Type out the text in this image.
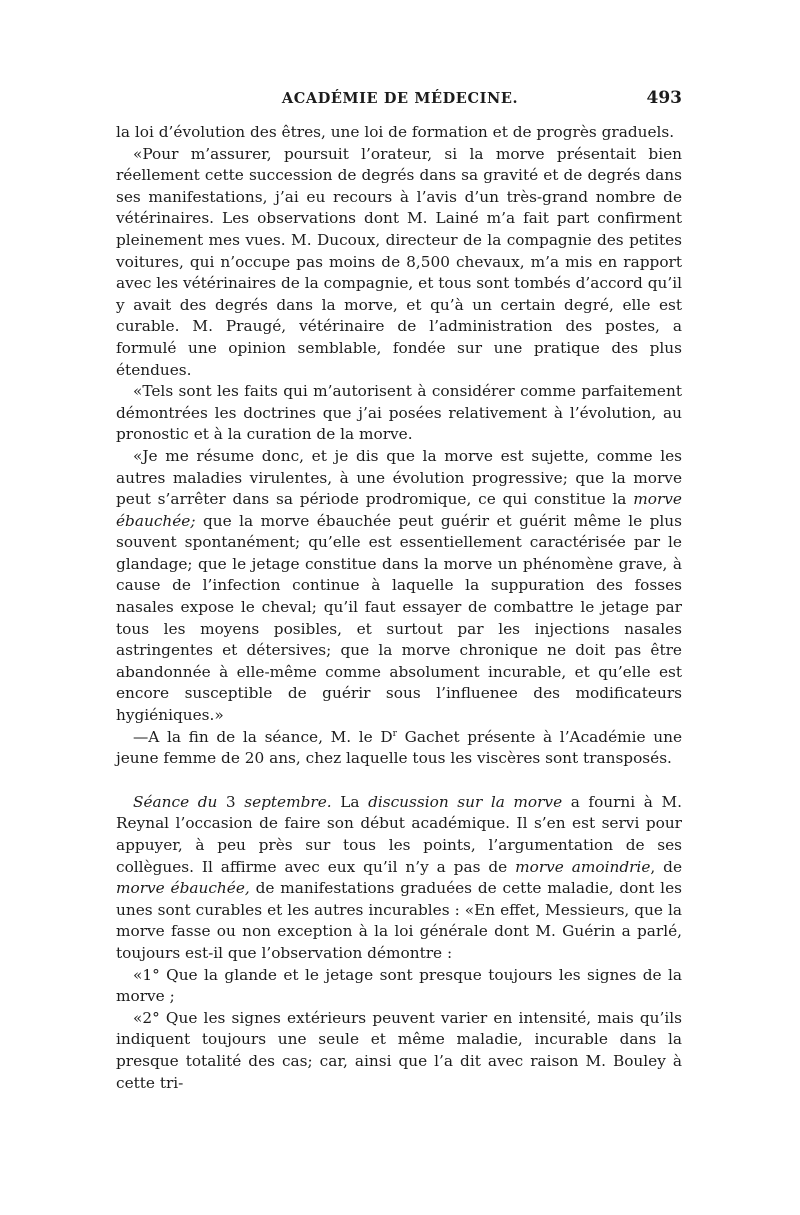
ACADÉMIE DE MÉDECINE.	493

la loi d’évolution des êtres, une loi de formation et de progrès graduels.

«Pour m’assurer, poursuit l’orateur, si la morve présentait bien réellement cette succession de degrés dans sa gravité et de degrés dans ses manifestations, j’ai eu recours à l’avis d’un très-grand nombre de vétérinaires. Les observations dont M. Lainé m’a fait part confirment pleinement mes vues. M. Ducoux, directeur de la compagnie des petites voitures, qui n’occupe pas moins de 8,500 chevaux, m’a mis en rapport avec les vétérinaires de la compagnie, et tous sont tombés d’accord qu’il y avait des degrés dans la morve, et qu’à un certain degré, elle est curable. M. Praugé, vétérinaire de l’administration des postes, a formulé une opinion semblable, fondée sur une pratique des plus étendues.

«Tels sont les faits qui m’autorisent à considérer comme parfaitement démontrées les doctrines que j’ai posées relativement à l’évolution, au pronostic et à la curation de la morve.

«Je me résume donc, et je dis que la morve est sujette, comme les autres maladies virulentes, à une évolution progressive; que la morve peut s’arrêter dans sa période prodromique, ce qui constitue la morve ébauchée; que la morve ébauchée peut guérir et guérit même le plus souvent spontanément; qu’elle est essentiellement caractérisée par le glandage; que le jetage constitue dans la morve un phénomène grave, à cause de l’infection continue à laquelle la suppuration des fosses nasales expose le cheval; qu’il faut essayer de combattre le jetage par tous les moyens posibles, et surtout par les injections nasales astringentes et détersives; que la morve chronique ne doit pas être abandonnée à elle-même comme absolument incurable, et qu’elle est encore susceptible de guérir sous l’influenee des modificateurs hygiéniques.»

—A la fin de la séance, M. le $D^r$ Gachet présente à l’Académie une jeune femme de 20 ans, chez laquelle tous les viscères sont transposés.

Séance du 3 septembre. La discussion sur la morve a fourni à M. Reynal l’occasion de faire son début académique. Il s’en est servi pour appuyer, à peu près sur tous les points, l’argumentation de ses collègues. Il affirme avec eux qu’il n’y a pas de morve amoindrie, de morve ébauchée, de manifestations graduées de cette maladie, dont les unes sont curables et les autres incurables : «En effet, Messieurs, que la morve fasse ou non exception à la loi générale dont M. Guérin a parlé, toujours est-il que l’observation démontre :

«1° Que la glande et le jetage sont presque toujours les signes de la morve ;

«2° Que les signes extérieurs peuvent varier en intensité, mais qu’ils indiquent toujours une seule et même maladie, incurable dans la presque totalité des cas; car, ainsi que l’a dit avec raison M. Bouley à cette tri-
